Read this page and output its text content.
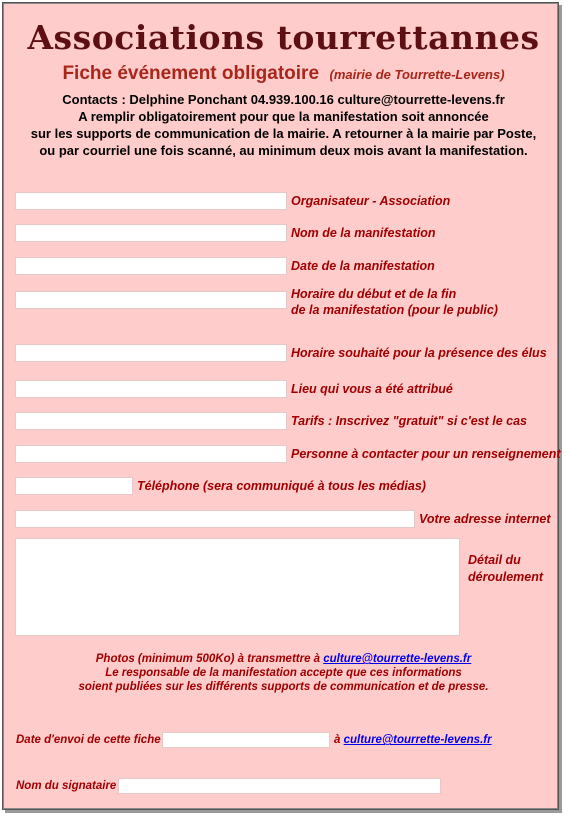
Associations tourrettannes
Fiche événement obligatoire (mairie de Tourrette-Levens)
Contacts : Delphine Ponchant 04.939.100.16 culture@tourrette-levens.fr
A remplir obligatoirement pour que la manifestation soit annoncée
sur les supports de communication de la mairie. A retourner à la mairie par Poste,
ou par courriel une fois scanné, au minimum deux mois avant la manifestation.
Organisateur - Association
Nom de la manifestation
Date de la manifestation
Horaire du début et de la fin
de la manifestation (pour le public)
Horaire souhaité pour la présence des élus
Lieu qui vous a été attribué
Tarifs : Inscrivez "gratuit" si c'est le cas
Personne à contacter pour un renseignement
Téléphone (sera communiqué à tous les médias)
Votre adresse internet
Détail du
déroulement
Photos (minimum 500Ko) à transmettre à culture@tourrette-levens.fr
Le responsable de la manifestation accepte que ces informations
soient publiées sur les différents supports de communication et de presse.
Date d'envoi de cette fiche	à culture@tourrette-levens.fr
Nom du signataire
